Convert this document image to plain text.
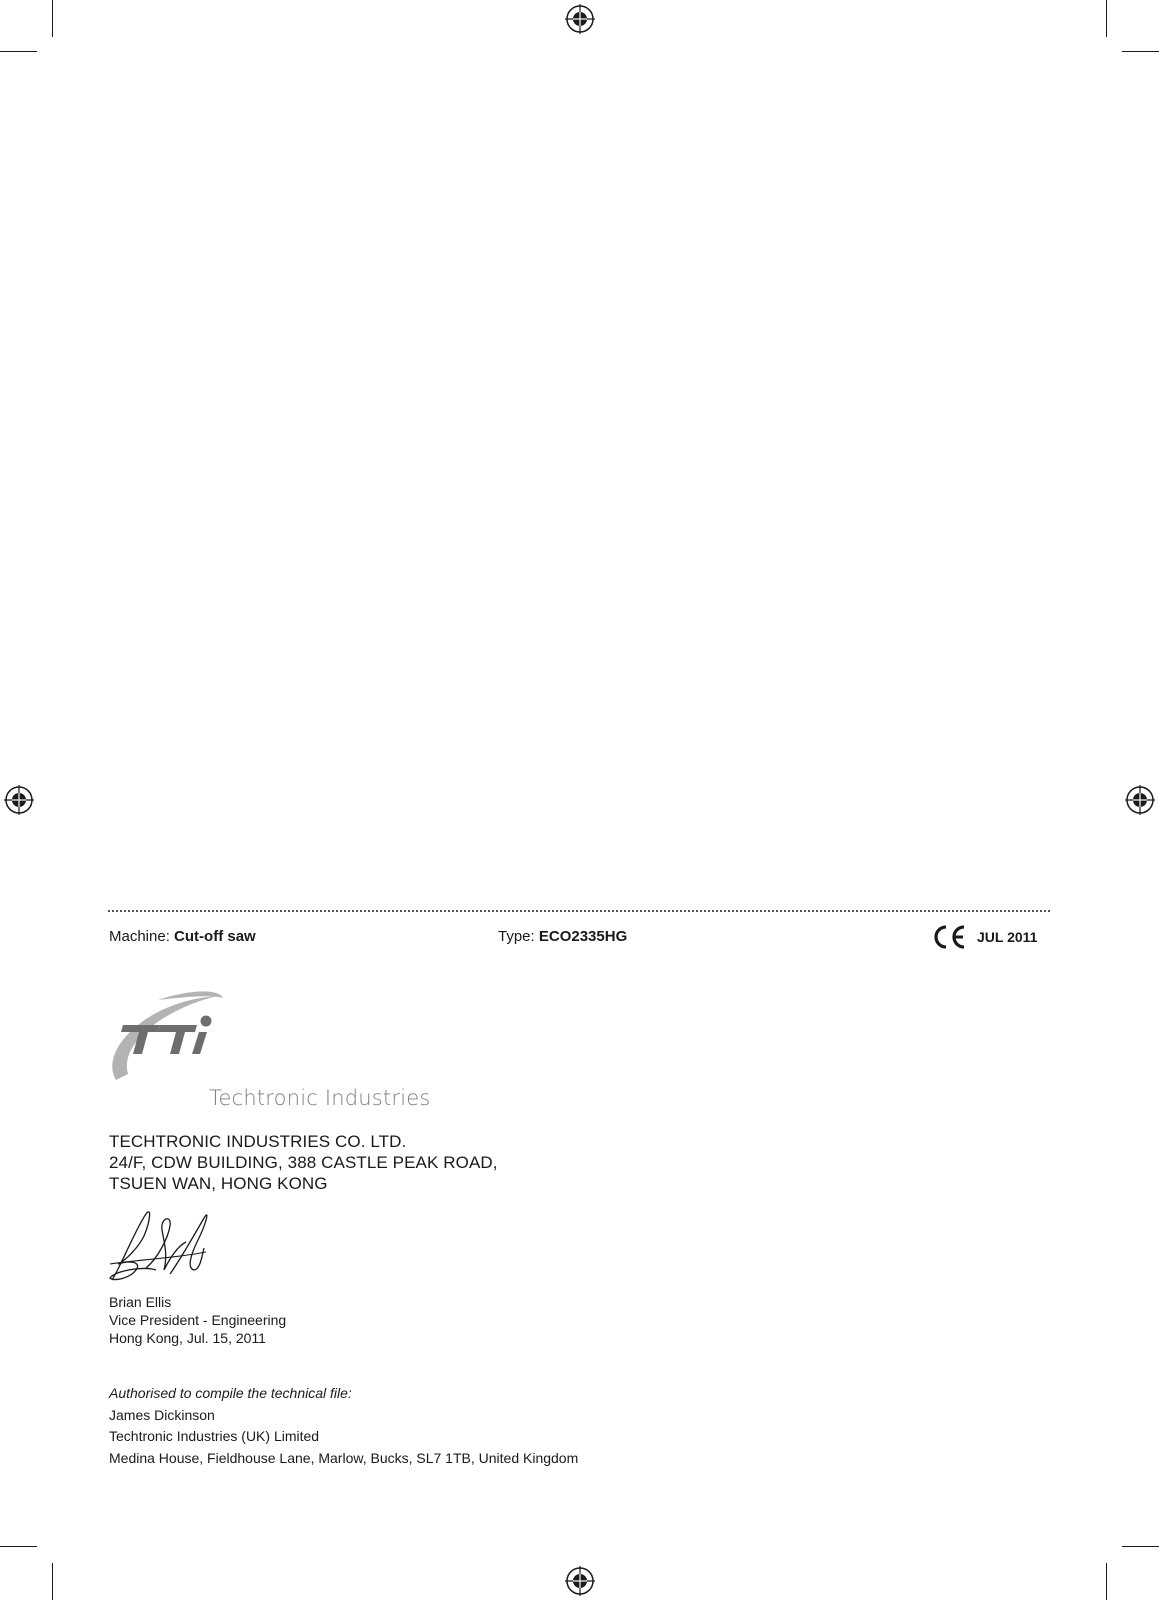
Machine: Cut-off saw	Type: ECO2335HG	JUL 2011
Techtronic Industries
TECHTRONIC INDUSTRIES CO. LTD.
24/F, CDW BUILDING, 388 CASTLE PEAK ROAD,
TSUEN WAN, HONG KONG
Brian Ellis
Vice President - Engineering
Hong Kong, Jul. 15, 2011
Authorised to compile the technical file:
James Dickinson
Techtronic Industries (UK) Limited
Medina House, Fieldhouse Lane, Marlow, Bucks, SL7 1TB, United Kingdom
